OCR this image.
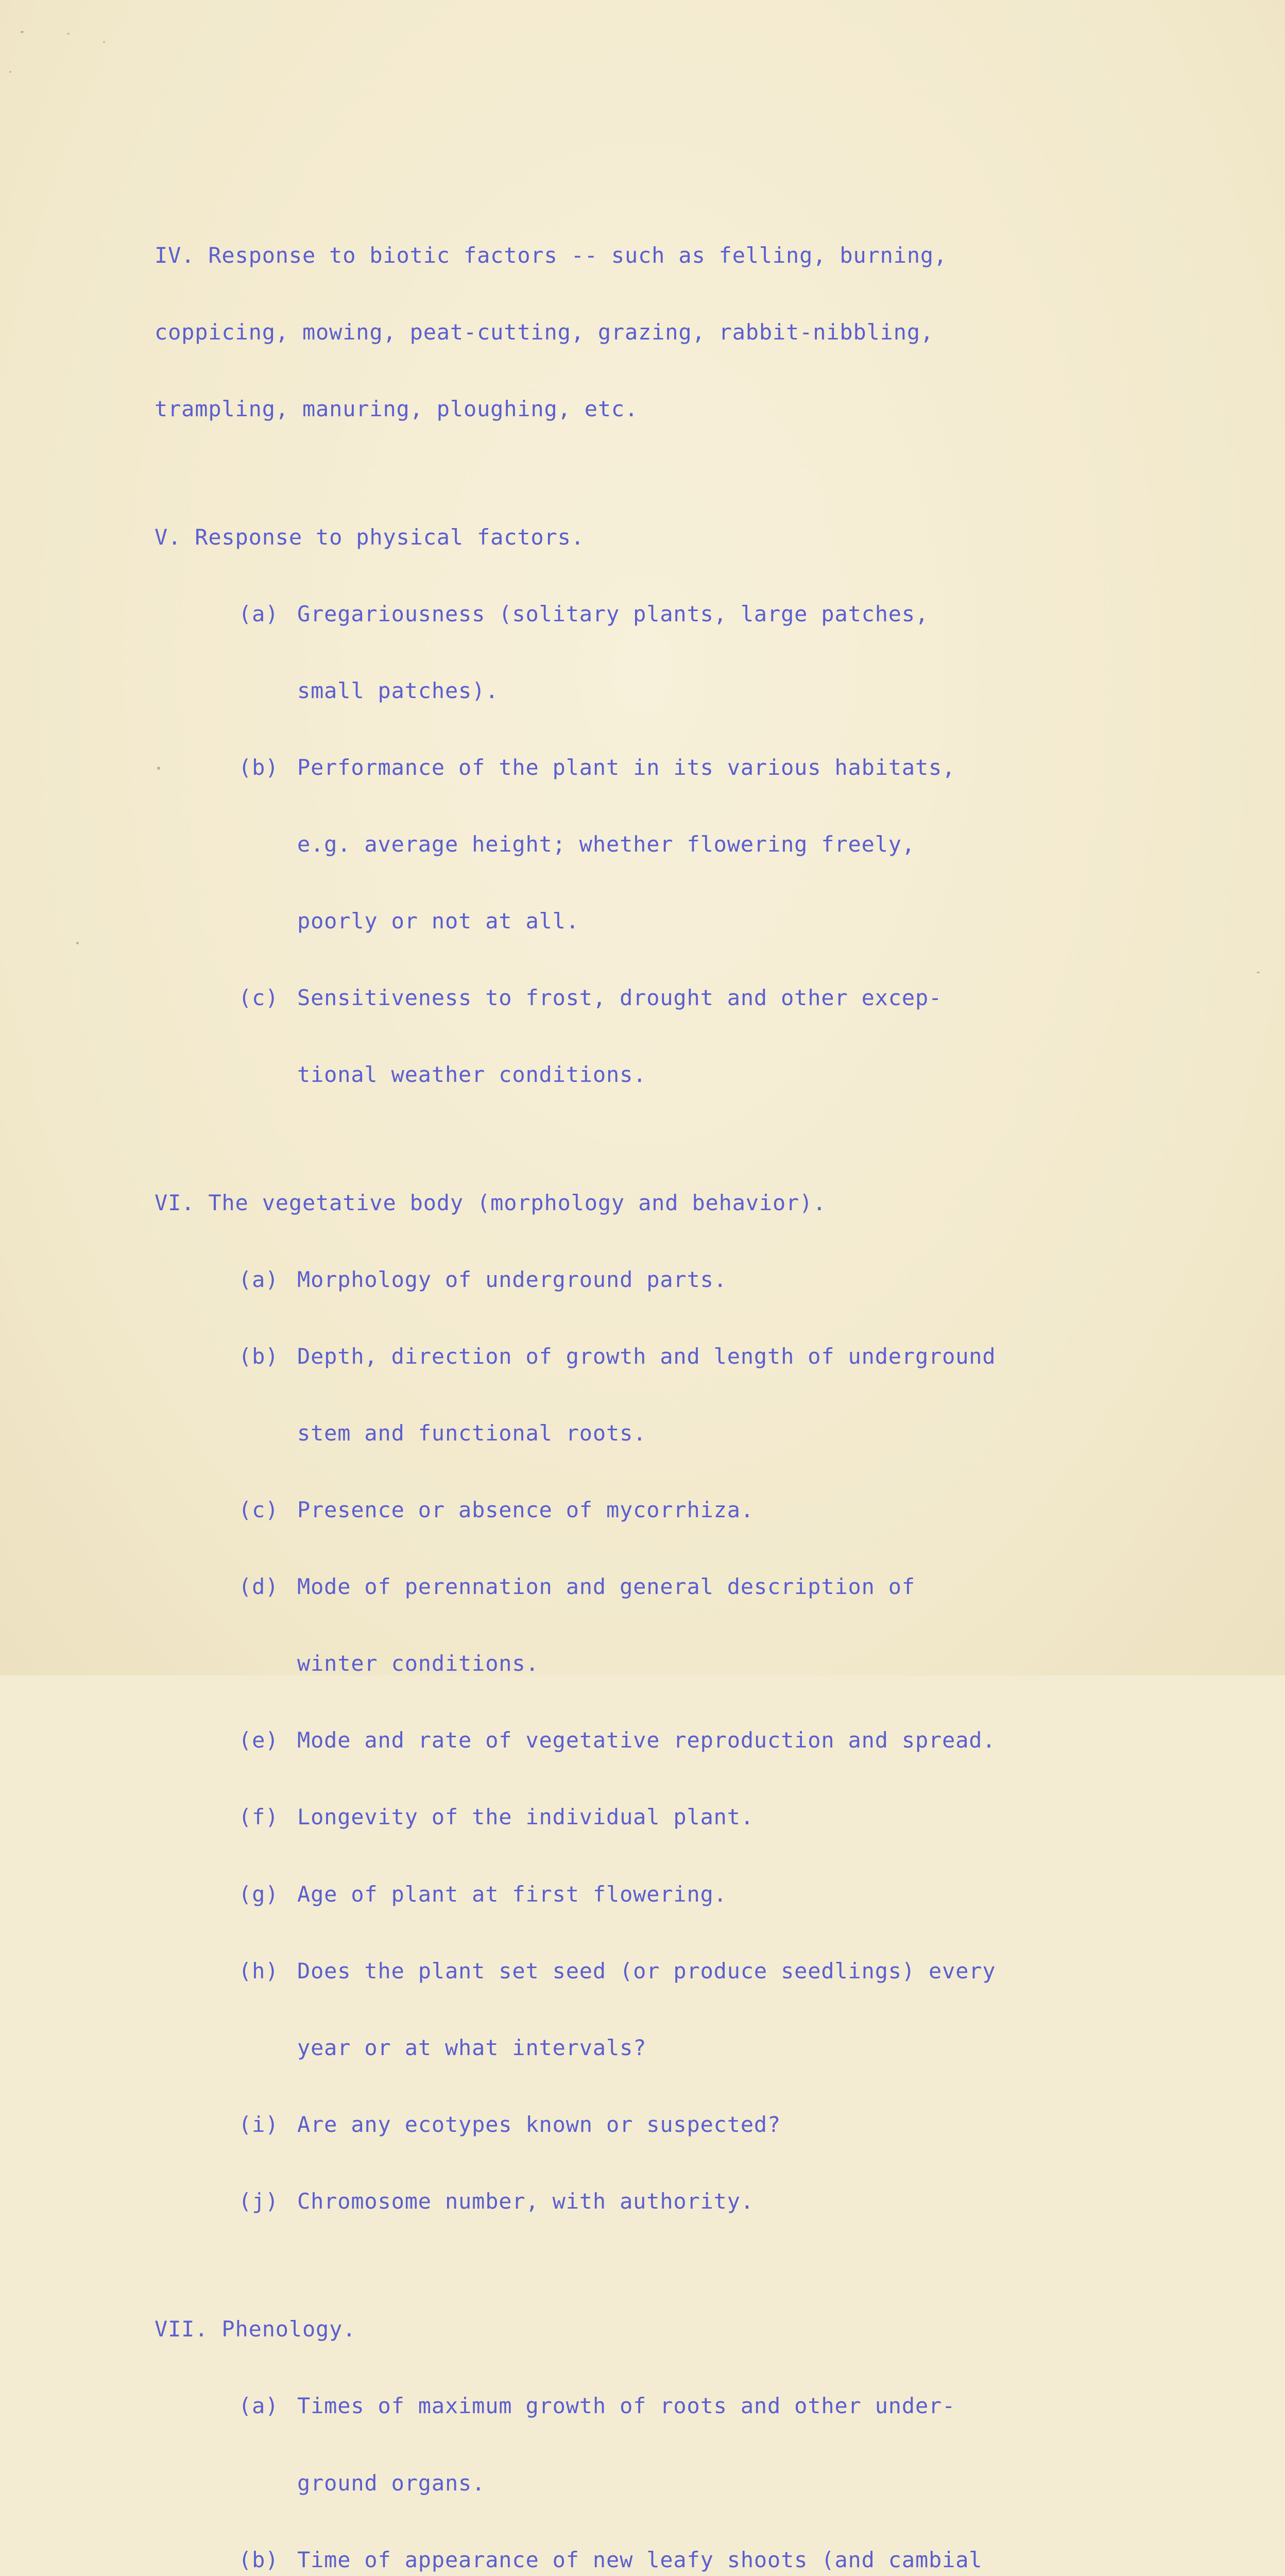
IV. Response to biotic factors -- such as felling, burning,

coppicing, mowing, peat-cutting, grazing, rabbit-nibbling,

trampling, manuring, ploughing, etc.

V. Response to physical factors.

(a) Gregariousness (solitary plants, large patches,

small patches).

(b) Performance of the plant in its various habitats,

e.g. average height; whether flowering freely,

poorly or not at all.

(c) Sensitiveness to frost, drought and other excep-

tional weather conditions.

VI. The vegetative body (morphology and behavior).

(a) Morphology of underground parts.

(b) Depth, direction of growth and length of underground

stem and functional roots.

(c) Presence or absence of mycorrhiza.

(d) Mode of perennation and general description of

winter conditions.

(e) Mode and rate of vegetative reproduction and spread.

(f) Longevity of the individual plant.

(g) Age of plant at first flowering.

(h) Does the plant set seed (or produce seedlings) every

year or at what intervals?

(i) Are any ecotypes known or suspected?

(j) Chromosome number, with authority.

VII. Phenology.

(a) Times of maximum growth of roots and other under-

ground organs.

(b) Time of appearance of new leafy shoots (and cambial
